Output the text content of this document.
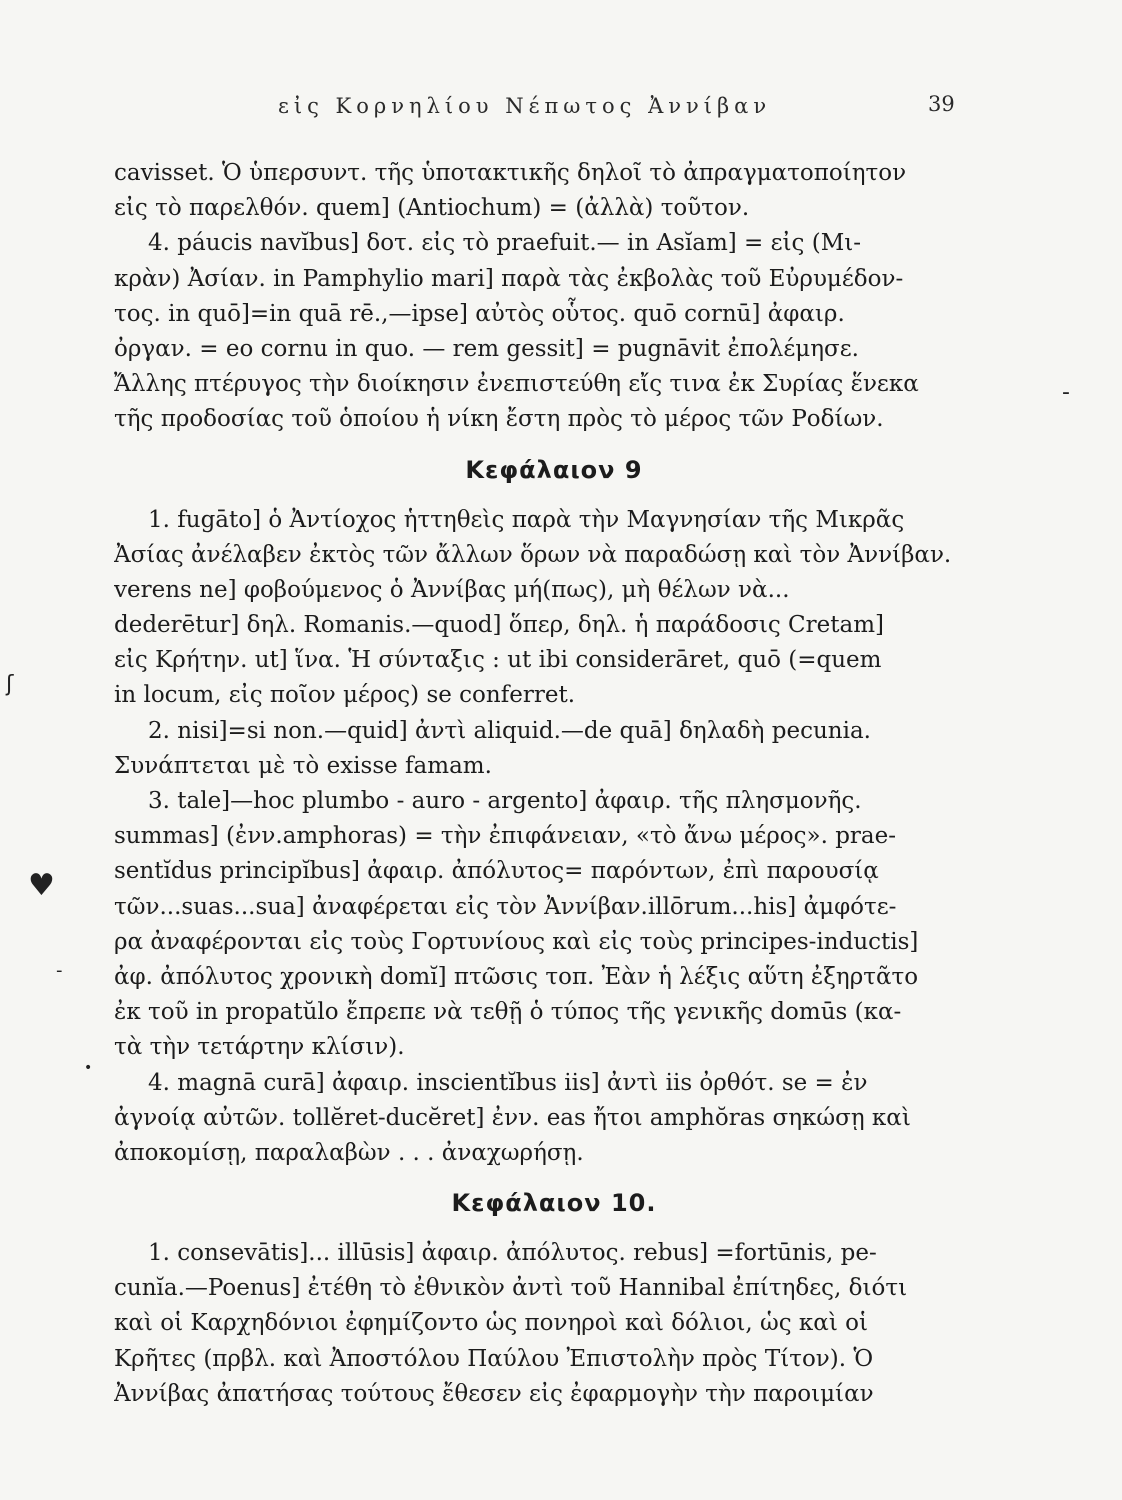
εἰς Κορνηλίου Νέπωτος Ἀννίβαν	39
cavisset. Ὁ ὑπερσυντ. τῆς ὑποτακτικῆς δηλοῖ τὸ ἀπραγματοποίητον
εἰς τὸ παρελθόν. quem] (Antiochum) = (ἀλλὰ) τοῦτον.
4. páucis navĭbus] δοτ. εἰς τὸ praefuit.— in Asĭam] = εἰς (Μι-
κρὰν) Ἀσίαν. in Pamphylio mari] παρὰ τὰς ἐκβολὰς τοῦ Εὐρυμέδον-
τος. in quō]=in quā rē.,—ipse] αὐτὸς οὗτος. quō cornū] ἀφαιρ.
ὀργαν. = eo cornu in quo. — rem gessit] = pugnāvit ἐπολέμησε.
Ἄλλης πτέρυγος τὴν διοίκησιν ἐνεπιστεύθη εἴς τινα ἐκ Συρίας ἕνεκα
τῆς προδοσίας τοῦ ὁποίου ἡ νίκη ἔστη πρὸς τὸ μέρος τῶν Ροδίων.
Κεφάλαιον 9
1. fugāto] ὁ Ἀντίοχος ἡττηθεὶς παρὰ τὴν Μαγνησίαν τῆς Μικρᾶς
Ἀσίας ἀνέλαβεν ἐκτὸς τῶν ἄλλων ὅρων νὰ παραδώσῃ καὶ τὸν Ἀννίβαν.
verens ne] φοβούμενος ὁ Ἀννίβας μή(πως), μὴ θέλων νὰ...
dederētur] δηλ. Romanis.—quod] ὅπερ, δηλ. ἡ παράδοσις Cretam]
εἰς Κρήτην. ut] ἵνα. Ἡ σύνταξις : ut ibi considerāret, quō (=quem
in locum, εἰς ποῖον μέρος) se conferret.
2. nisi]=si non.—quid] ἀντὶ aliquid.—de quā] δηλαδὴ pecunia.
Συνάπτεται μὲ τὸ exisse famam.
3. tale]—hoc plumbo - auro - argento] ἀφαιρ. τῆς πλησμονῆς.
summas] (ἐνν.amphoras) = τὴν ἐπιφάνειαν, «τὸ ἄνω μέρος». prae-
sentĭdus principĭbus] ἀφαιρ. ἀπόλυτος= παρόντων, ἐπὶ παρουσίᾳ
τῶν...suas...sua] ἀναφέρεται εἰς τὸν Ἀννίβαν.illōrum...his] ἀμφότε-
ρα ἀναφέρονται εἰς τοὺς Γορτυνίους καὶ εἰς τοὺς principes-inductis]
ἀφ. ἀπόλυτος χρονικὴ domĭ] πτῶσις τοπ. Ἐὰν ἡ λέξις αὕτη ἐξηρτᾶτο
ἐκ τοῦ in propatŭlo ἔπρεπε νὰ τεθῇ ὁ τύπος τῆς γενικῆς domūs (κα-
τὰ τὴν τετάρτην κλίσιν).
4. magnā curā] ἀφαιρ. inscientĭbus iis] ἀντὶ iis ὀρθότ. se = ἐν
ἀγνοίᾳ αὐτῶν. tollĕret-ducĕret] ἐνν. eas ἤτοι amphŏras σηκώσῃ καὶ
ἀποκομίσῃ, παραλαβὼν . . . ἀναχωρήσῃ.
Κεφάλαιον 10.
1. consevātis]... illūsis] ἀφαιρ. ἀπόλυτος. rebus] =fortūnis, pe-
cunĭa.—Poenus] ἐτέθη τὸ ἐθνικὸν ἀντὶ τοῦ Hannibal ἐπίτηδες, διότι
καὶ οἱ Καρχηδόνιοι ἐφημίζοντο ὡς πονηροὶ καὶ δόλιοι, ὡς καὶ οἱ
Κρῆτες (πρβλ. καὶ Ἀποστόλου Παύλου Ἐπιστολὴν πρὸς Τίτον). Ὁ
Ἀννίβας ἀπατήσας τούτους ἔθεσεν εἰς ἐφαρμογὴν τὴν παροιμίαν
ʃ
♥
-
•
-
